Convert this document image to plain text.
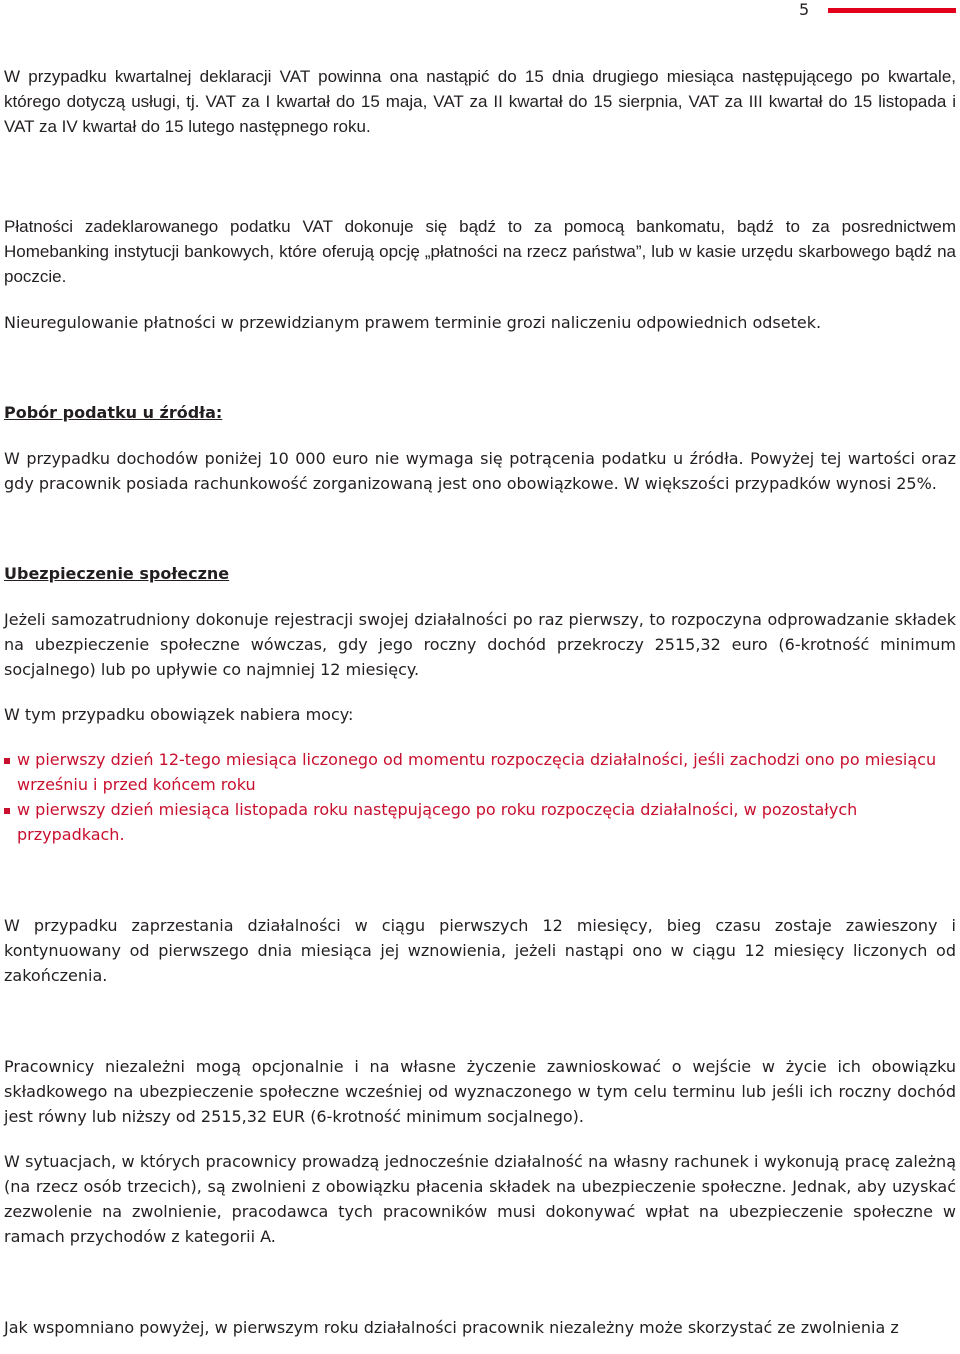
5

W przypadku kwartalnej deklaracji VAT powinna ona nastąpić do 15 dnia drugiego miesiąca następującego po kwartale, którego dotyczą usługi, tj. VAT za I kwartał do 15 maja, VAT za II kwartał do 15 sierpnia, VAT za III kwartał do 15 listopada i VAT za IV kwartał do 15 lutego następnego roku.

Płatności zadeklarowanego podatku VAT dokonuje się bądź to za pomocą bankomatu, bądź to za posrednictwem Homebanking instytucji bankowych, które oferują opcję „płatności na rzecz państwa”, lub w kasie urzędu skarbowego bądź na poczcie.

Nieuregulowanie płatności w przewidzianym prawem terminie grozi naliczeniu odpowiednich odsetek.

Pobór podatku u źródła:

W przypadku dochodów poniżej 10 000 euro nie wymaga się potrącenia podatku u źródła. Powyżej tej wartości oraz gdy pracownik posiada rachunkowość zorganizowaną jest ono obowiązkowe. W większości przypadków wynosi 25%.

Ubezpieczenie społeczne

Jeżeli samozatrudniony dokonuje rejestracji swojej działalności po raz pierwszy, to rozpoczyna odprowadzanie składek na ubezpieczenie społeczne wówczas, gdy jego roczny dochód przekroczy 2515,32 euro (6-krotność minimum socjalnego) lub po upływie co najmniej 12 miesięcy.

W tym przypadku obowiązek nabiera mocy:

w pierwszy dzień 12-tego miesiąca liczonego od momentu rozpoczęcia działalności, jeśli zachodzi ono po miesiącu wrześniu i przed końcem roku
w pierwszy dzień miesiąca listopada roku następującego po roku rozpoczęcia działalności, w pozostałych przypadkach.

W przypadku zaprzestania działalności w ciągu pierwszych 12 miesięcy, bieg czasu zostaje zawieszony i kontynuowany od pierwszego dnia miesiąca jej wznowienia, jeżeli nastąpi ono w ciągu 12 miesięcy liczonych od zakończenia.

Pracownicy niezależni mogą opcjonalnie i na własne życzenie zawnioskować o wejście w życie ich obowiązku składkowego na ubezpieczenie społeczne wcześniej od wyznaczonego w tym celu terminu lub jeśli ich roczny dochód jest równy lub niższy od 2515,32 EUR (6-krotność minimum socjalnego).

W sytuacjach, w których pracownicy prowadzą jednocześnie działalność na własny rachunek i wykonują pracę zależną (na rzecz osób trzecich), są zwolnieni z obowiązku płacenia składek na ubezpieczenie społeczne. Jednak, aby uzyskać zezwolenie na zwolnienie, pracodawca tych pracowników musi dokonywać wpłat na ubezpieczenie społeczne w ramach przychodów z kategorii A.

Jak wspomniano powyżej, w pierwszym roku działalności pracownik niezależny może skorzystać ze zwolnienia z
